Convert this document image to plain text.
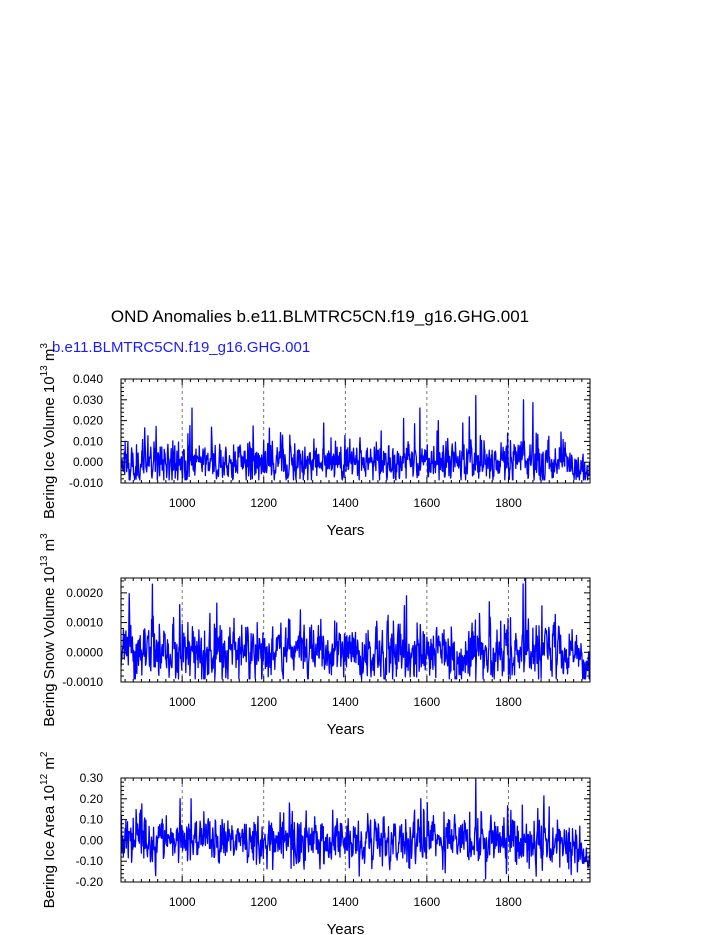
OND Anomalies b.e11.BLMTRC5CN.f19_g16.GHG.001
b.e11.BLMTRC5CN.f19_g16.GHG.001
1000	1200	1400	1600	1800
-0.010
0.000
0.010
0.020
0.030
0.040
Years
Bering Ice Volume $10^{13}$ $m^3$
1000	1200	1400	1600	1800
-0.0010
0.0000
0.0010
0.0020
Years
Bering Snow Volume $10^{13}$ $m^3$
1000	1200	1400	1600	1800
-0.20
-0.10
0.00
0.10
0.20
0.30
Years
Bering Ice Area $10^{12}$ $m^2$
